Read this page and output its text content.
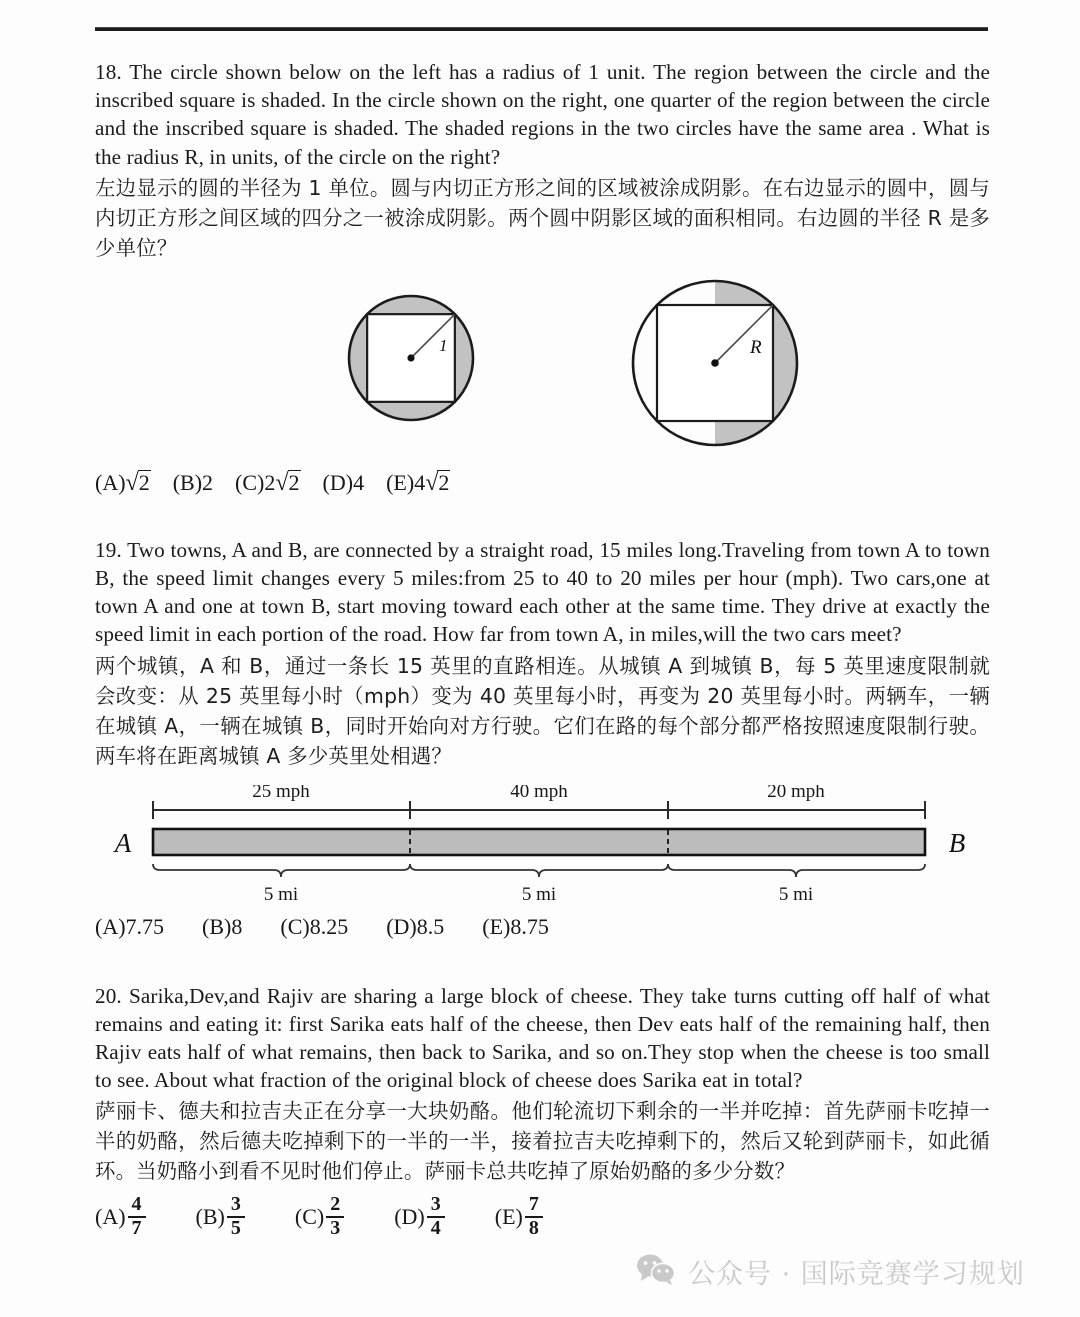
18. The circle shown below on the left has a radius of 1 unit. The region between the circle and the inscribed square is shaded. In the circle shown on the right, one quarter of the region between the circle and the inscribed square is shaded. The shaded regions in the two circles have the same area . What is the radius R, in units, of the circle on the right?
左边显示的圆的半径为 1 单位。圆与内切正方形之间的区域被涂成阴影。在右边显示的圆中，圆与内切正方形之间区域的四分之一被涂成阴影。两个圆中阴影区域的面积相同。右边圆的半径 R 是多少单位？
1	R
(A) √ 2 (B) 2 (C) 2 √ 2 (D) 4 (E) 4 √ 2
19. Two towns, A and B, are connected by a straight road, 15 miles long.Traveling from town A to town B, the speed limit changes every 5 miles:from 25 to 40 to 20 miles per hour (mph). Two cars,one at town A and one at town B, start moving toward each other at the same time. They drive at exactly the speed limit in each portion of the road. How far from town A, in miles,will the two cars meet?
两个城镇，A 和 B，通过一条长 15 英里的直路相连。从城镇 A 到城镇 B，每 5 英里速度限制就会改变：从 25 英里每小时（mph）变为 40 英里每小时，再变为 20 英里每小时。两辆车，一辆在城镇 A，一辆在城镇 B，同时开始向对方行驶。它们在路的每个部分都严格按照速度限制行驶。两车将在距离城镇 A 多少英里处相遇？
25 mph	40 mph	20 mph
A	B
5 mi	5 mi	5 mi
(A) 7.75 (B) 8 (C) 8.25 (D) 8.5 (E) 8.75
20. Sarika,Dev,and Rajiv are sharing a large block of cheese. They take turns cutting off half of what remains and eating it: first Sarika eats half of the cheese, then Dev eats half of the remaining half, then Rajiv eats half of what remains, then back to Sarika, and so on.They stop when the cheese is too small to see. About what fraction of the original block of cheese does Sarika eat in total?
萨丽卡、德夫和拉吉夫正在分享一大块奶酪。他们轮流切下剩余的一半并吃掉：首先萨丽卡吃掉一半的奶酪，然后德夫吃掉剩下的一半的一半，接着拉吉夫吃掉剩下的，然后又轮到萨丽卡，如此循环。当奶酪小到看不见时他们停止。萨丽卡总共吃掉了原始奶酪的多少分数？
$(A) \frac{4}{7} (B) \frac{3}{5} (C) \frac{2}{3} (D) \frac{3}{4} (E) \frac{7}{8}$
公众号 · 国际竞赛学习规划
